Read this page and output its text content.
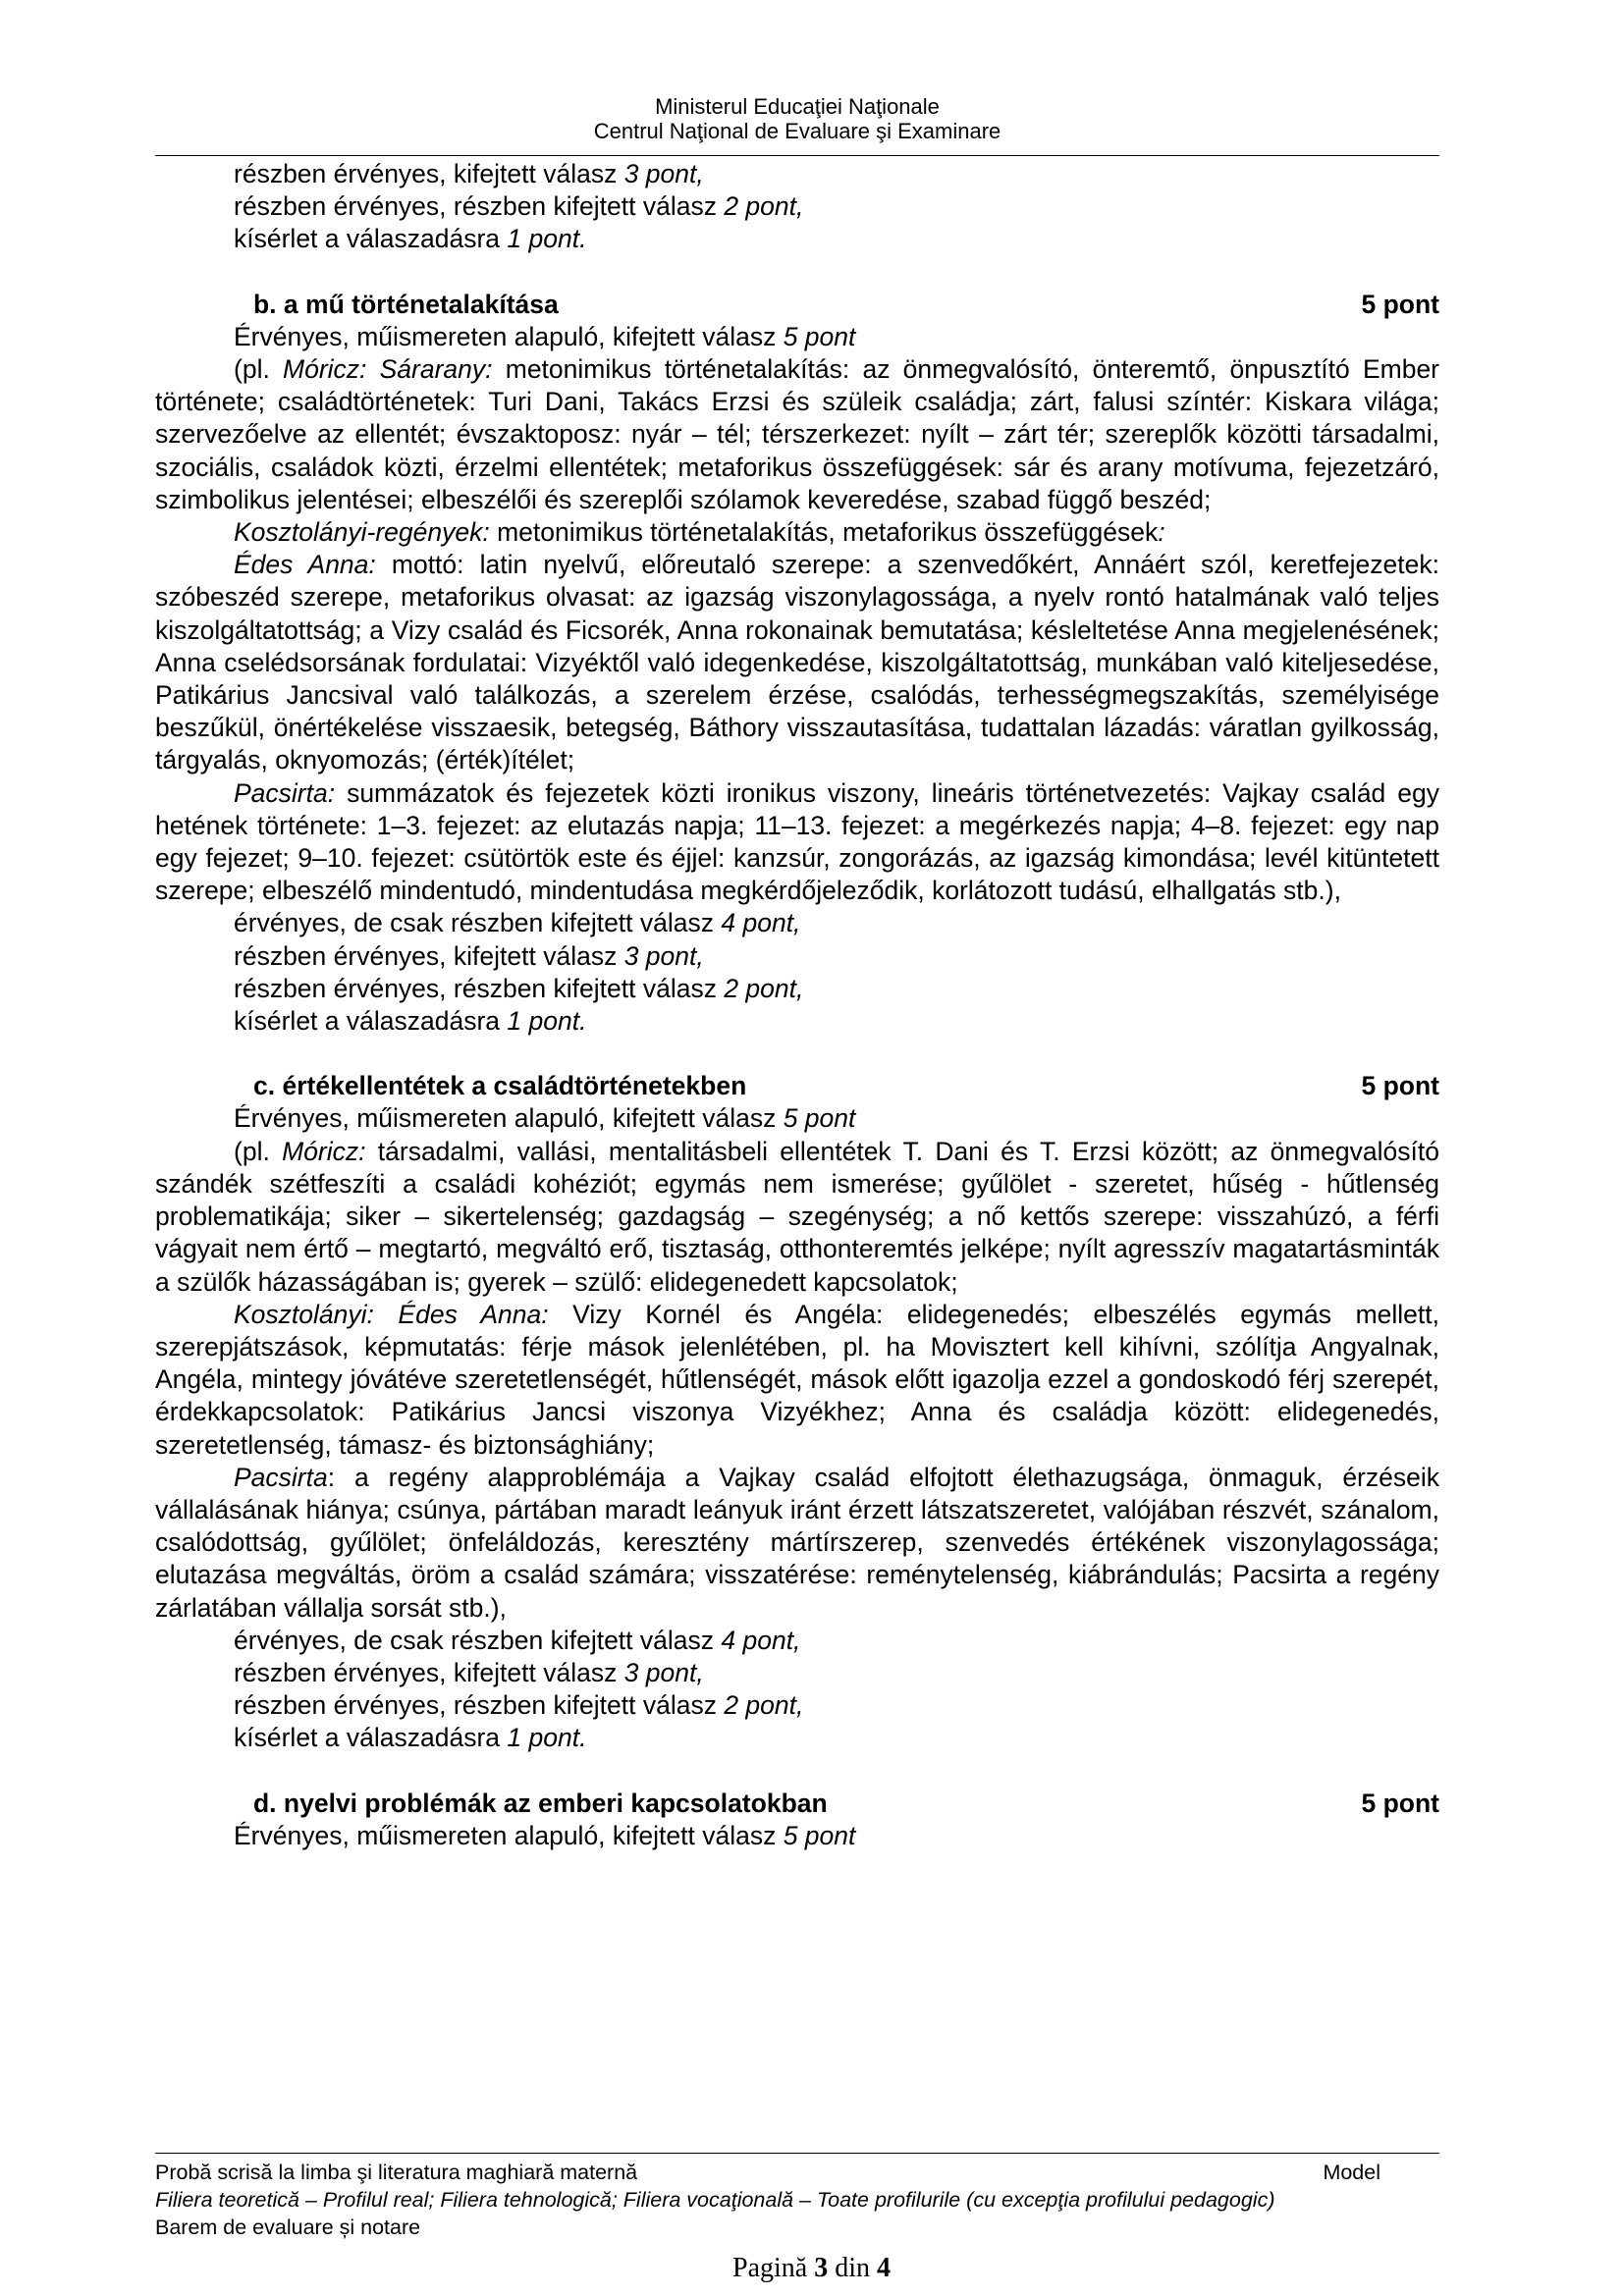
Ministerul Educaţiei Naţionale
Centrul Naţional de Evaluare şi Examinare

részben érvényes, kifejtett válasz 3 pont,

részben érvényes, részben kifejtett válasz 2 pont,

kísérlet a válaszadásra 1 pont.

b. a mű történetalakítása	5 pont

Érvényes, műismereten alapuló, kifejtett válasz 5 pont

(pl. Móricz: Sárarany: metonimikus történetalakítás: az önmegvalósító, önteremtő, önpusztító Ember története; családtörténetek: Turi Dani, Takács Erzsi és szüleik családja; zárt, falusi színtér: Kiskara világa; szervezőelve az ellentét; évszaktoposz: nyár – tél; térszerkezet: nyílt – zárt tér; szereplők közötti társadalmi, szociális, családok közti, érzelmi ellentétek; metaforikus összefüggések: sár és arany motívuma, fejezetzáró, szimbolikus jelentései; elbeszélői és szereplői szólamok keveredése, szabad függő beszéd;

Kosztolányi-regények: metonimikus történetalakítás, metaforikus összefüggések:

Édes Anna: mottó: latin nyelvű, előreutaló szerepe: a szenvedőkért, Annáért szól, keretfejezetek: szóbeszéd szerepe, metaforikus olvasat: az igazság viszonylagossága, a nyelv rontó hatalmának való teljes kiszolgáltatottság; a Vizy család és Ficsorék, Anna rokonainak bemutatása; késleltetése Anna megjelenésének; Anna cselédsorsának fordulatai: Vizyéktől való idegenkedése, kiszolgáltatottság, munkában való kiteljesedése, Patikárius Jancsival való találkozás, a szerelem érzése, csalódás, terhességmegszakítás, személyisége beszűkül, önértékelése visszaesik, betegség, Báthory visszautasítása, tudattalan lázadás: váratlan gyilkosság, tárgyalás, oknyomozás; (érték)ítélet;

Pacsirta: summázatok és fejezetek közti ironikus viszony, lineáris történetvezetés: Vajkay család egy hetének története: 1–3. fejezet: az elutazás napja; 11–13. fejezet: a megérkezés napja; 4–8. fejezet: egy nap egy fejezet; 9–10. fejezet: csütörtök este és éjjel: kanzsúr, zongorázás, az igazság kimondása; levél kitüntetett szerepe; elbeszélő mindentudó, mindentudása megkérdőjeleződik, korlátozott tudású, elhallgatás stb.),

érvényes, de csak részben kifejtett válasz 4 pont,

részben érvényes, kifejtett válasz 3 pont,

részben érvényes, részben kifejtett válasz 2 pont,

kísérlet a válaszadásra 1 pont.

c. értékellentétek a családtörténetekben	5 pont

Érvényes, műismereten alapuló, kifejtett válasz 5 pont

(pl. Móricz: társadalmi, vallási, mentalitásbeli ellentétek T. Dani és T. Erzsi között; az önmegvalósító szándék szétfeszíti a családi kohéziót; egymás nem ismerése; gyűlölet - szeretet, hűség - hűtlenség problematikája; siker – sikertelenség; gazdagság – szegénység; a nő kettős szerepe: visszahúzó, a férfi vágyait nem értő – megtartó, megváltó erő, tisztaság, otthonteremtés jelképe; nyílt agresszív magatartásminták a szülők házasságában is; gyerek – szülő: elidegenedett kapcsolatok;

Kosztolányi: Édes Anna: Vizy Kornél és Angéla: elidegenedés; elbeszélés egymás mellett, szerepjátszások, képmutatás: férje mások jelenlétében, pl. ha Movisztert kell kihívni, szólítja Angyalnak, Angéla, mintegy jóvátéve szeretetlenségét, hűtlenségét, mások előtt igazolja ezzel a gondoskodó férj szerepét, érdekkapcsolatok: Patikárius Jancsi viszonya Vizyékhez; Anna és családja között: elidegenedés, szeretetlenség, támasz- és biztonsághiány;

Pacsirta: a regény alapproblémája a Vajkay család elfojtott élethazugsága, önmaguk, érzéseik vállalásának hiánya; csúnya, pártában maradt leányuk iránt érzett látszatszeretet, valójában részvét, szánalom, csalódottság, gyűlölet; önfeláldozás, keresztény mártírszerep, szenvedés értékének viszonylagossága; elutazása megváltás, öröm a család számára; visszatérése: reménytelenség, kiábrándulás; Pacsirta a regény zárlatában vállalja sorsát stb.),

érvényes, de csak részben kifejtett válasz 4 pont,

részben érvényes, kifejtett válasz 3 pont,

részben érvényes, részben kifejtett válasz 2 pont,

kísérlet a válaszadásra 1 pont.

d. nyelvi problémák az emberi kapcsolatokban	5 pont

Érvényes, műismereten alapuló, kifejtett válasz 5 pont

Probă scrisă la limba şi literatura maghiară maternă	Model
Filiera teoretică – Profilul real; Filiera tehnologică; Filiera vocaţională – Toate profilurile (cu excepţia profilului pedagogic)
Barem de evaluare și notare
Pagină 3 din 4
